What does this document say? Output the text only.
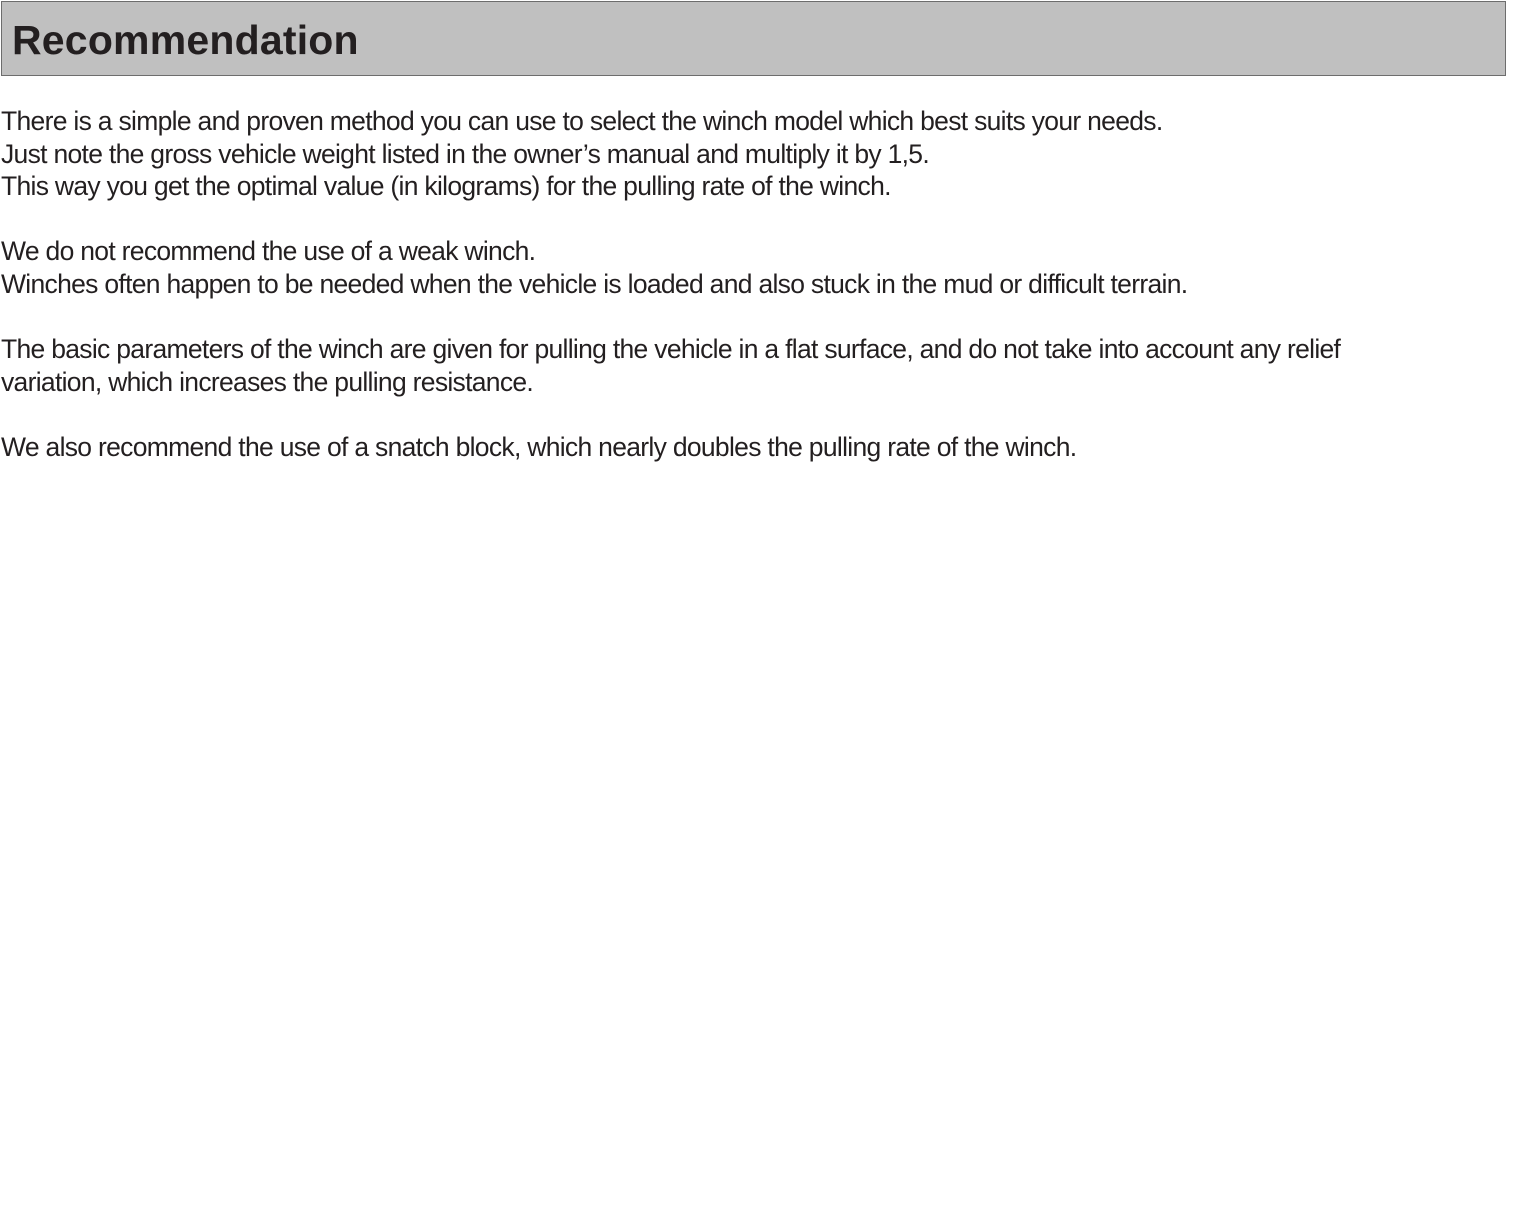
Recommendation
There is a simple and proven method you can use to select the winch model which best suits your needs.
Just note the gross vehicle weight listed in the owner’s manual and multiply it by 1,5.
This way you get the optimal value (in kilograms) for the pulling rate of the winch.
We do not recommend the use of a weak winch.
Winches often happen to be needed when the vehicle is loaded and also stuck in the mud or difficult terrain.
The basic parameters of the winch are given for pulling the vehicle in a flat surface, and do not take into account any relief
variation, which increases the pulling resistance.
We also recommend the use of a snatch block, which nearly doubles the pulling rate of the winch.
